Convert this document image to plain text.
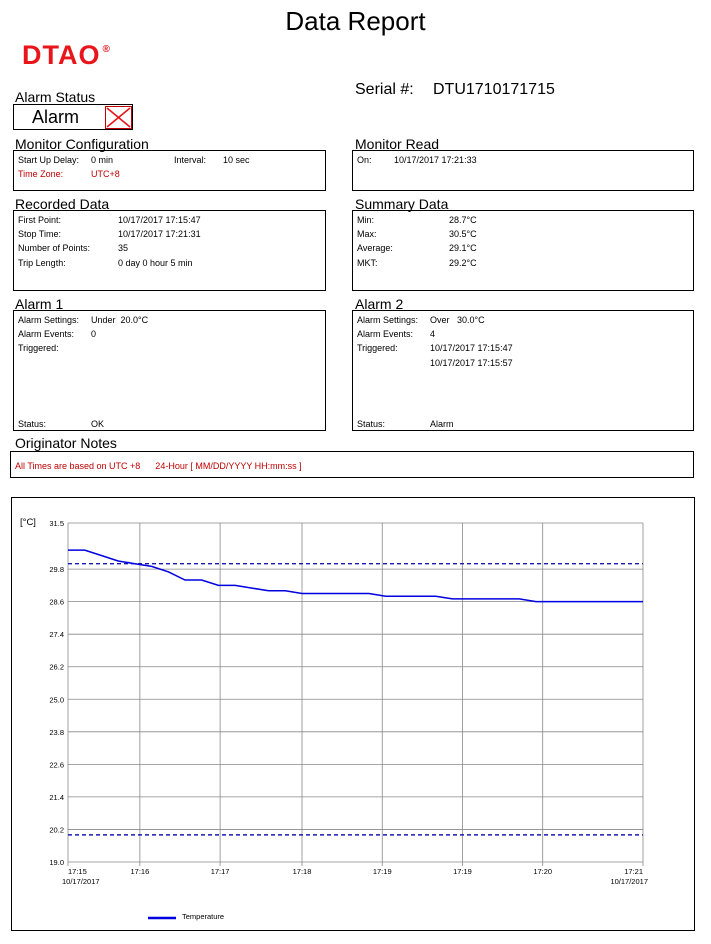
Data Report
DTAO ®
Serial #: DTU1710171715
Alarm Status
Alarm
Monitor Configuration
Start Up Delay: 0 min	Interval: 10 sec
Time Zone:	UTC+8
Monitor Read
On: 10/17/2017 17:21:33
Recorded Data
First Point:	10/17/2017 17:15:47
Stop Time:	10/17/2017 17:21:31
Number of Points:	35
Trip Length:	0 day 0 hour 5 min
Summary Data
Min:	28.7°C
Max:	30.5°C
Average:	29.1°C
MKT:	29.2°C
Alarm 1
Alarm Settings: Under  20.0°C
Alarm Events: 0
Triggered:
Status:	OK
Alarm 2
Alarm Settings: Over   30.0°C
Alarm Events: 4
Triggered:	10/17/2017 17:15:47
10/17/2017 17:15:57
Status:	Alarm
Originator Notes
All Times are based on UTC +8      24-Hour [ MM/DD/YYYY HH:mm:ss ]
31.5
29.8
28.6
27.4
26.2
25.0
23.8
22.6
21.4
20.2
19.0
17:15
10/17/2017
17:16	17:17	17:18	17:19	17:19	17:20	17:21
10/17/2017
[°C]
Temperature
